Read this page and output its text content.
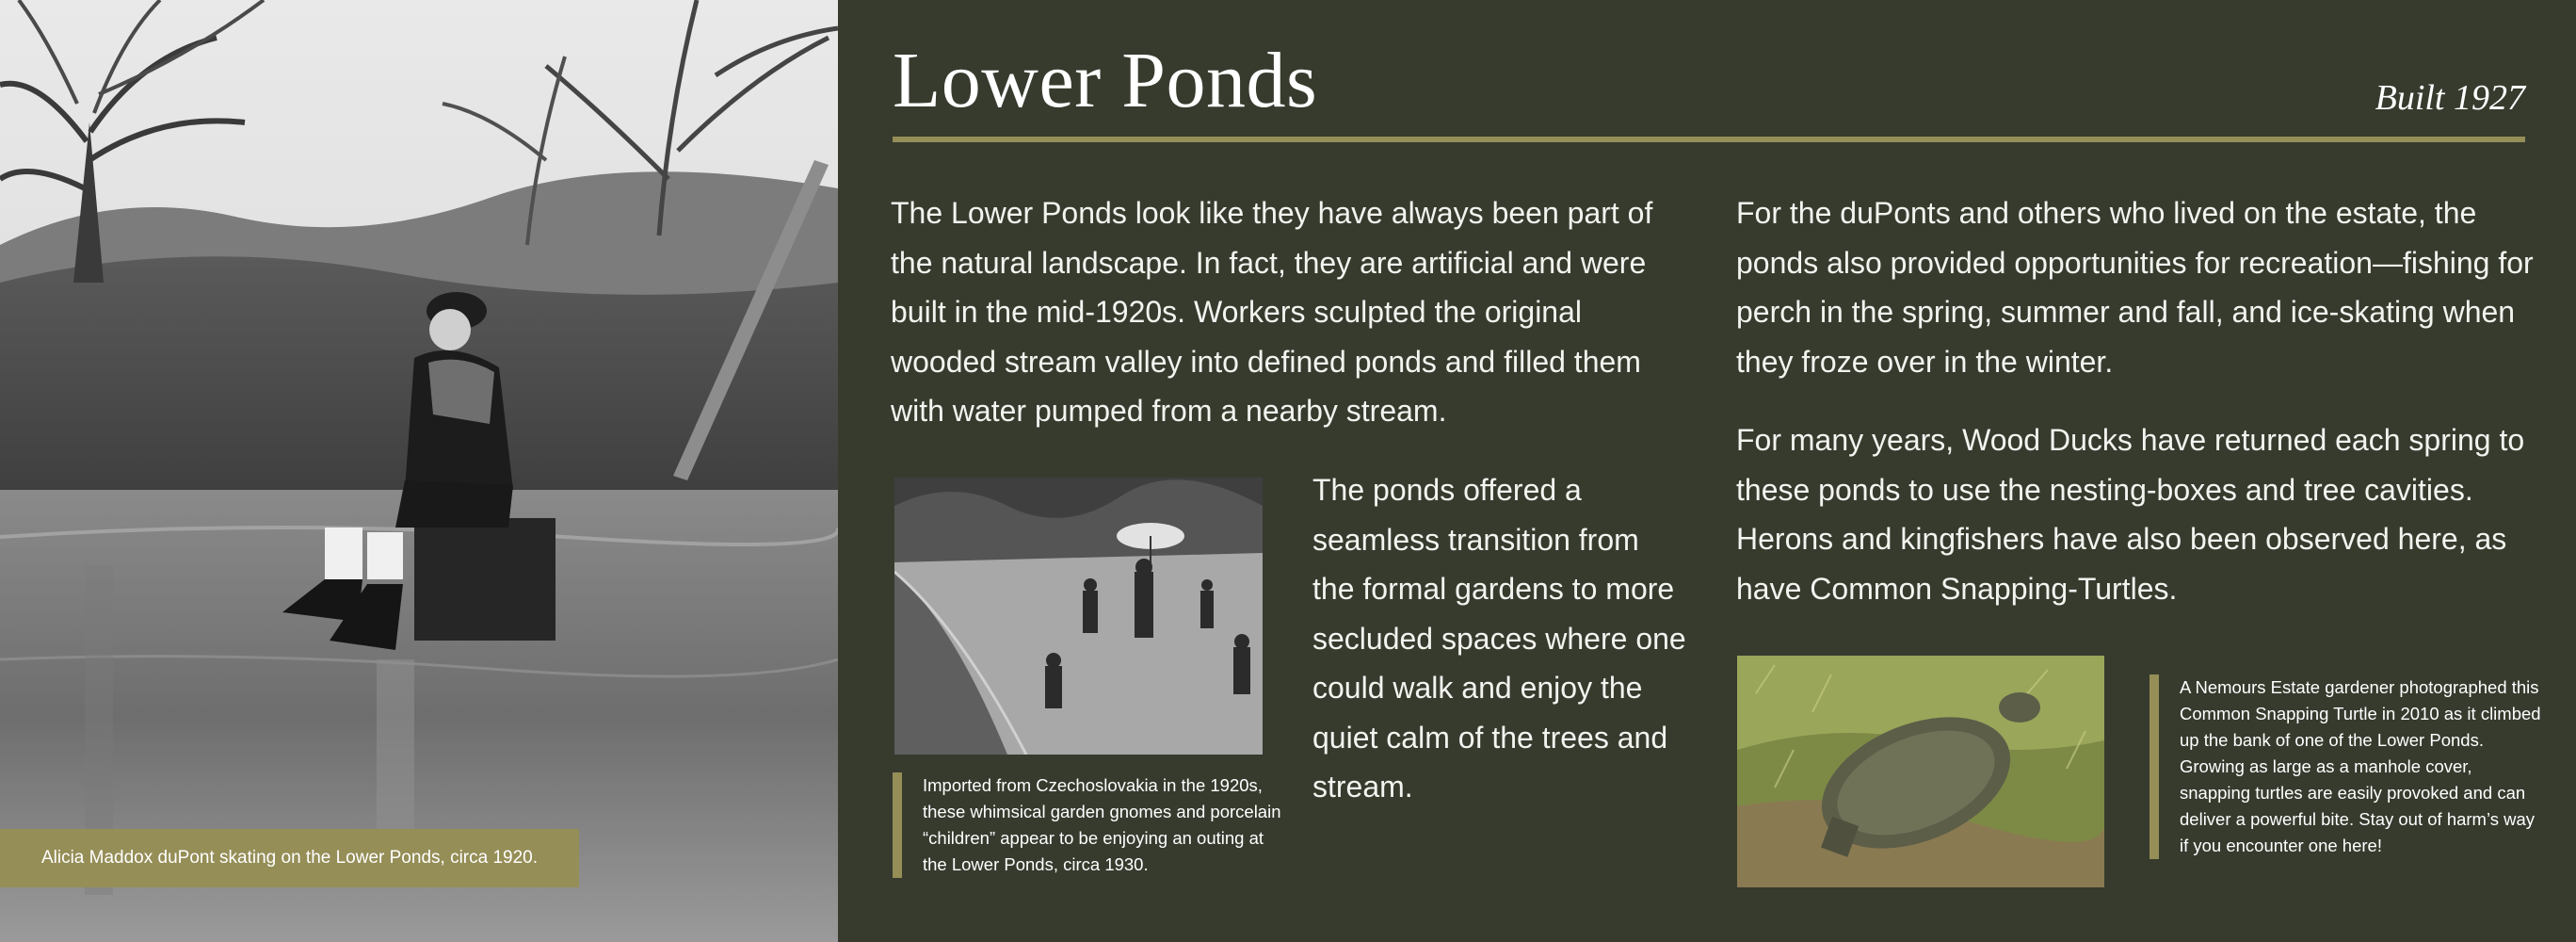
Alicia Maddox duPont skating on the Lower Ponds, circa 1920.
Lower Ponds	Built 1927
The Lower Ponds look like they have always been part of the natural landscape. In fact, they are artificial and were built in the mid-1920s. Workers sculpted the original wooded stream valley into defined ponds and filled them with water pumped from a nearby stream.
Imported from Czechoslovakia in the 1920s, these whimsical garden gnomes and porcelain “children” appear to be enjoying an outing at the Lower Ponds, circa 1930.
The ponds offered a seamless transition from the formal gardens to more secluded spaces where one could walk and enjoy the quiet calm of the trees and stream.
For the duPonts and others who lived on the estate, the ponds also provided opportunities for recreation—fishing for perch in the spring, summer and fall, and ice-skating when they froze over in the winter.
For many years, Wood Ducks have returned each spring to these ponds to use the nesting-boxes and tree cavities. Herons and kingfishers have also been observed here, as have Common Snapping-Turtles.
A Nemours Estate gardener photographed this Common Snapping Turtle in 2010 as it climbed up the bank of one of the Lower Ponds. Growing as large as a manhole cover, snapping turtles are easily provoked and can deliver a powerful bite. Stay out of harm’s way if you encounter one here!
